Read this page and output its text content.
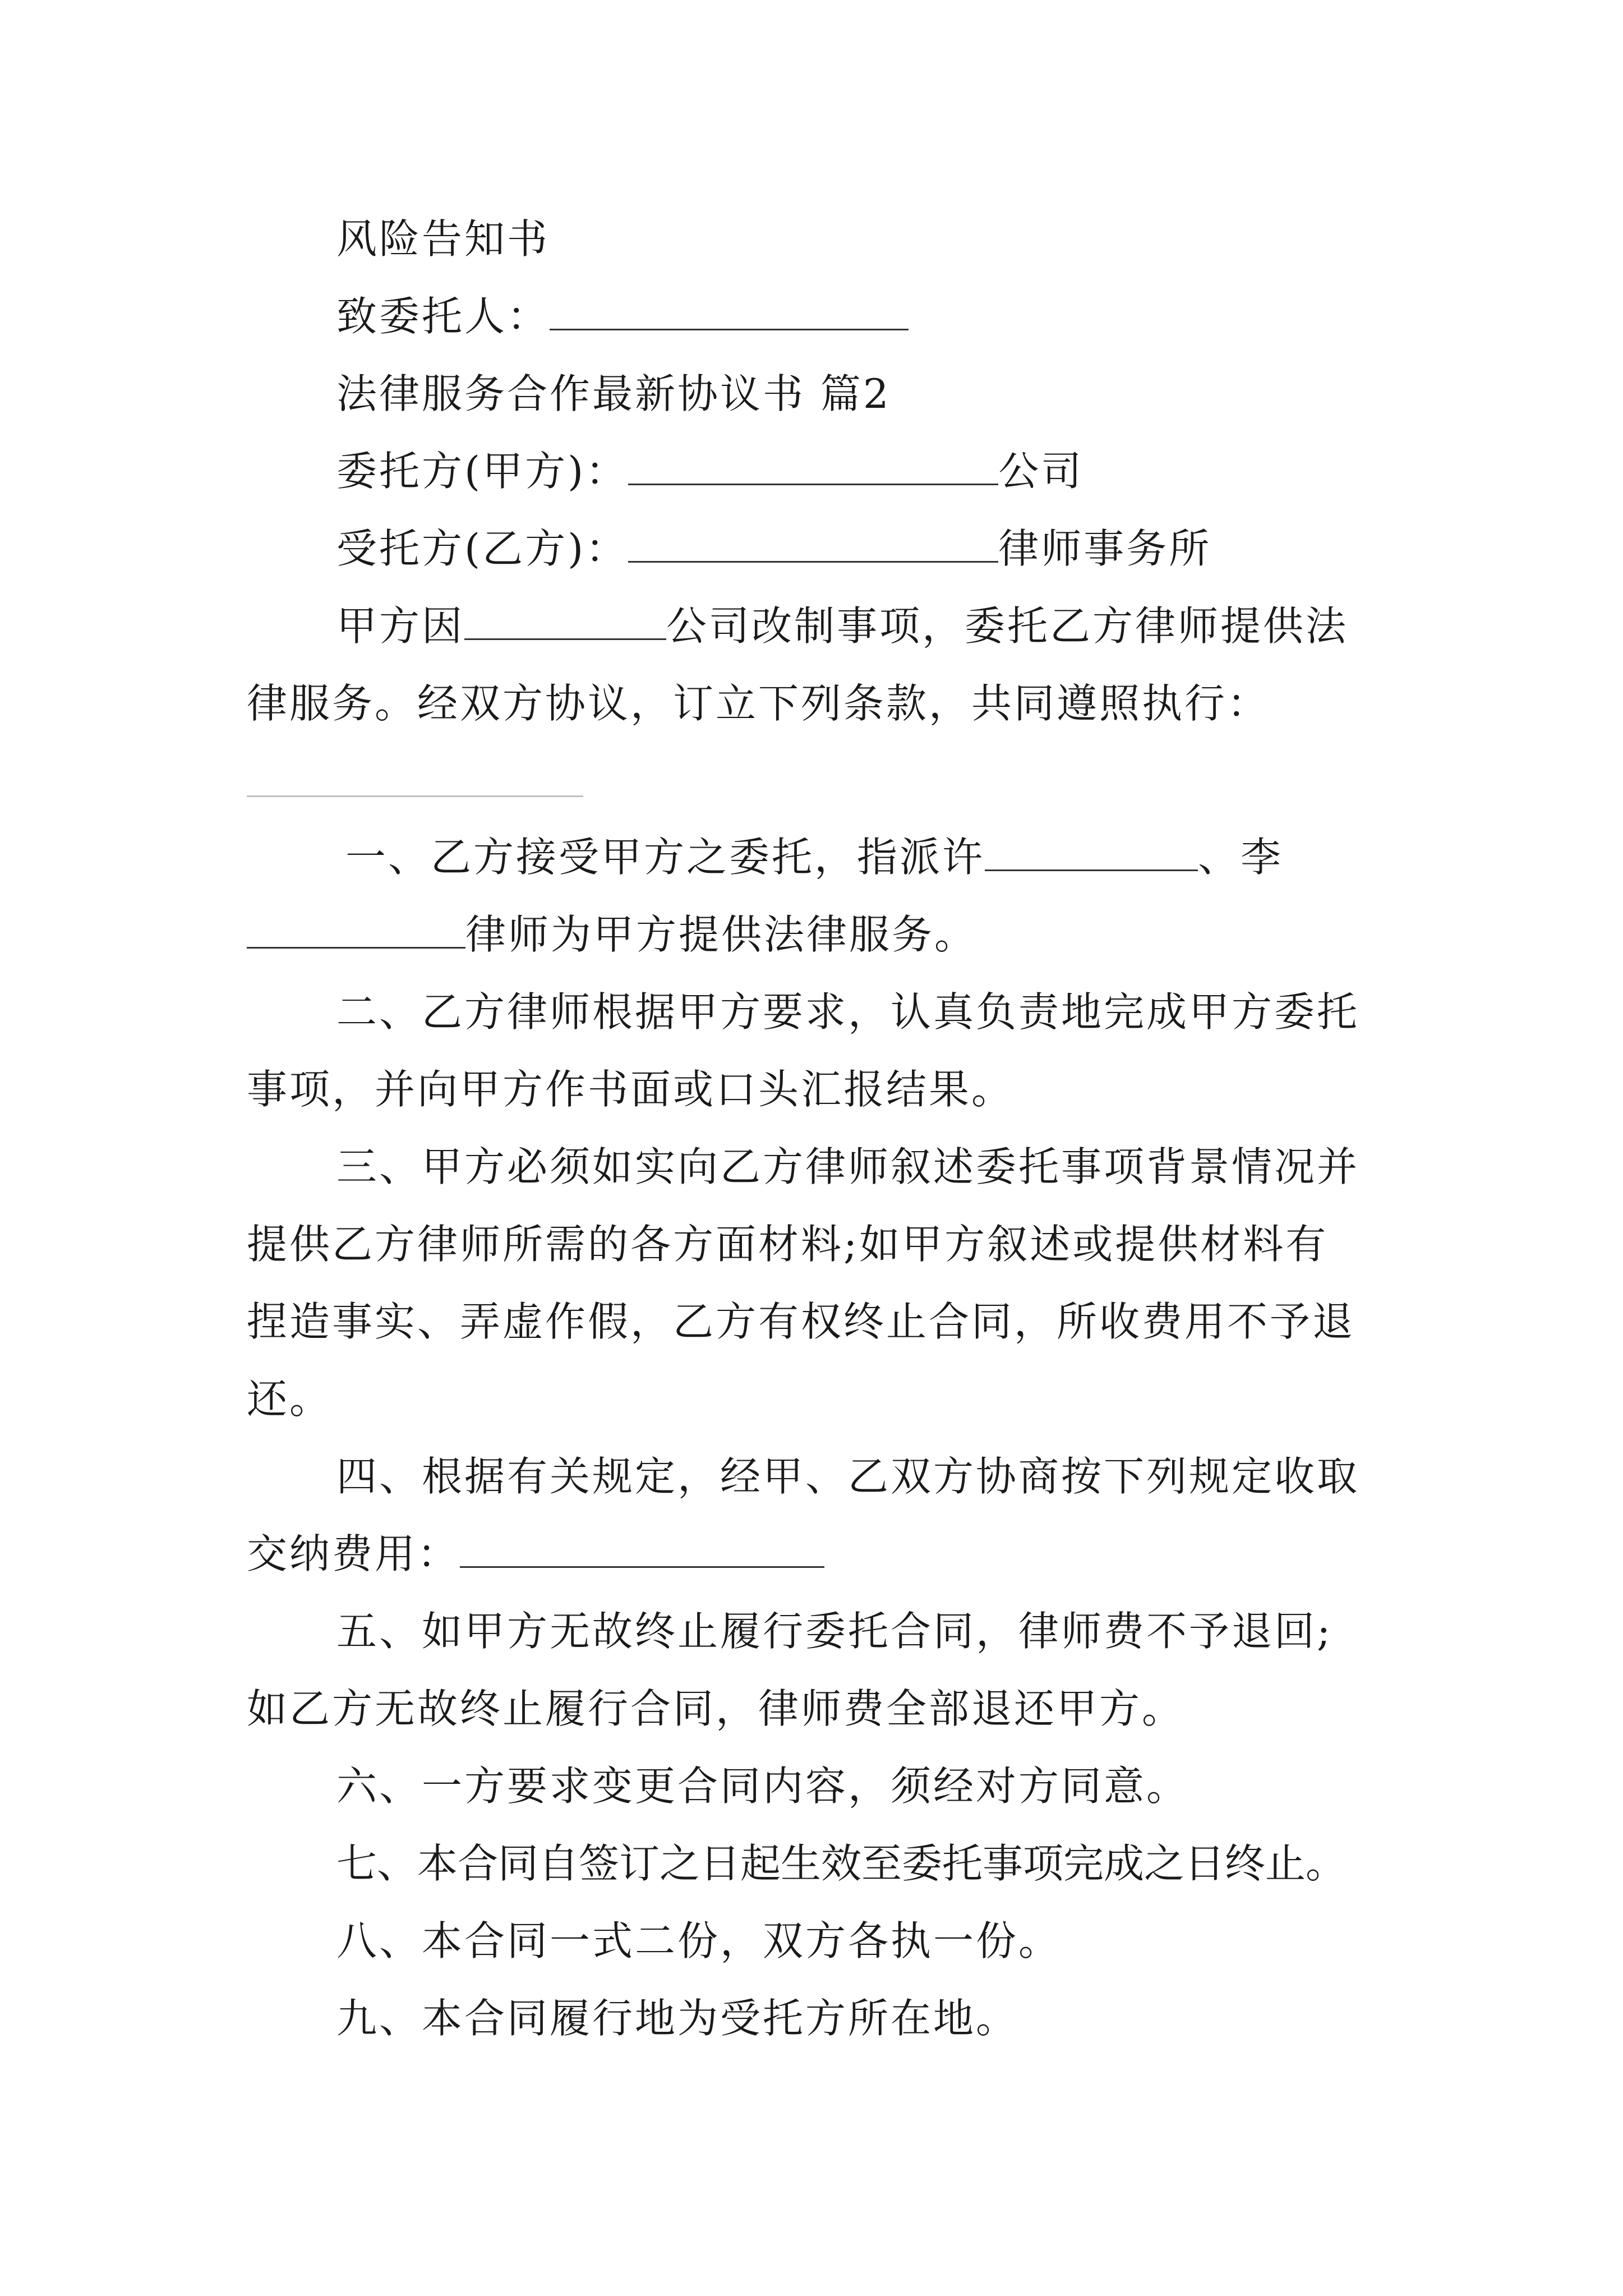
风险告知书
致委托人：
法律服务合作最新协议书 篇2
委托方(甲方)：	公司
受托方(乙方)：	律师事务所
甲方因	公司改制事项，委托乙方律师提供法
律服务。经双方协议，订立下列条款，共同遵照执行：
一、乙方接受甲方之委托，指派许	、李
律师为甲方提供法律服务。
二、乙方律师根据甲方要求，认真负责地完成甲方委托
事项，并向甲方作书面或口头汇报结果。
三、甲方必须如实向乙方律师叙述委托事项背景情况并
提供乙方律师所需的各方面材料;如甲方叙述或提供材料有
捏造事实、弄虚作假，乙方有权终止合同，所收费用不予退
还。
四、根据有关规定，经甲、乙双方协商按下列规定收取
交纳费用：
五、如甲方无故终止履行委托合同，律师费不予退回;
如乙方无故终止履行合同，律师费全部退还甲方。
六、一方要求变更合同内容，须经对方同意。
七、本合同自签订之日起生效至委托事项完成之日终止。
八、本合同一式二份，双方各执一份。
九、本合同履行地为受托方所在地。
